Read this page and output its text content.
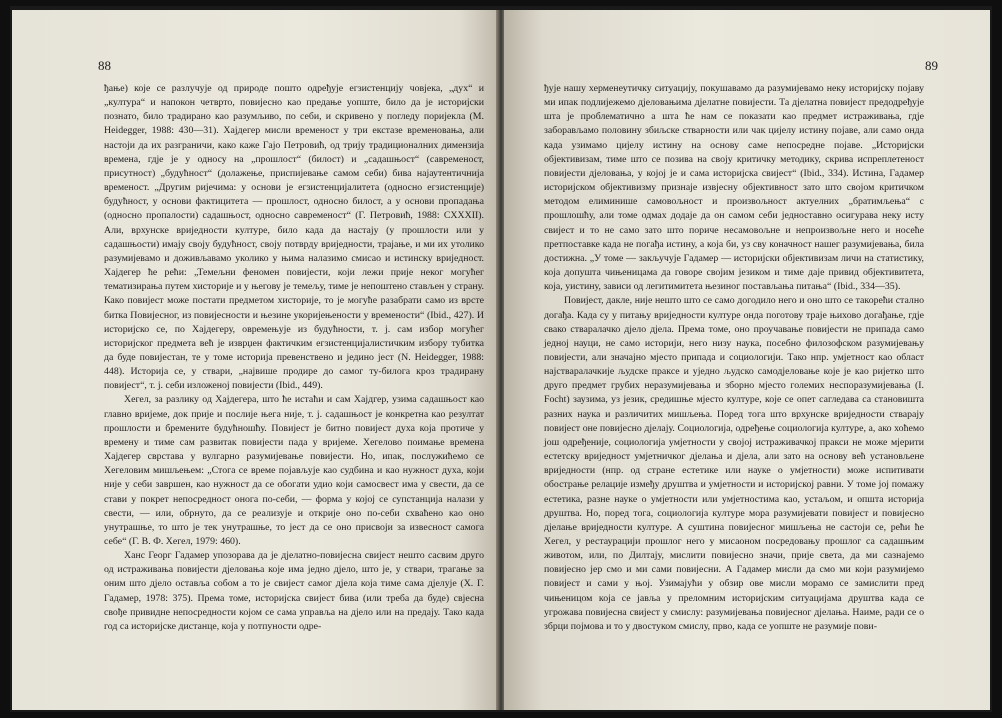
88

ђање) које се разлучује од природе пошто одређује егзистенцију човјека, „дух“ и „култура“ и напокон четврто, повијесно као предање уопште, било да је историјски познато, било традирано као разумљиво, по себи, и скривено у погледу поријекла (M. Heidegger, 1988: 430—31). Хајдегер мисли временост у три екстазе временовања, али настоји да их разграничи, како каже Гајо Петровић, од трију традиционалних димензија времена, гдје је у односу на „прошлост“ (билост) и „садашњост“ (савременост, присутност) „будућност“ (долажење, приспијевање самом себи) бива најаутентичнија временост. „Другим ријечима: у основи је егзистенцијалитета (односно егзистенције) будућност, у основи фактицитета — прошлост, односно билост, а у основи пропадања (односно пропалости) садашњост, односно савременост“ (Г. Петровић, 1988: CXXXII). Али, врхунске вриједности културе, било када да настају (у прошлости или у садашњости) имају своју будућност, своју потврду вриједности, трајање, и ми их утолико разумијевамо и доживљавамо уколико у њима налазимо смисао и истинску вриједност. Хајдегер ће рећи: „Темељни феномен повијести, који лежи прије неког могућег тематизирања путем хисторије и у његову је темељу, тиме је непоштено стављен у страну. Како повијест може постати предметом хисторије, то је могуће разабрати само из врсте битка Повијесног, из повијесности и њезине укоријењености у времености“ (Ibid., 427). И историјско се, по Хајдегеру, овремењује из будућности, т. ј. сам избор могућег историјског предмета већ је изврџен фактичким егзистенцијалистичким избору тубитка да буде повијестан, те у томе историја превенствено и једино јест (N. Heidegger, 1988: 448). Историја се, у ствари, „највише продире до самог ту-билога кроз традирану повијест“, т. ј. себи изложеној повијести (Ibid., 449).

Хегел, за разлику од Хајдегера, што ће истаћи и сам Хајдгер, узима садашњост као главно вријеме, док прије и послије њега није, т. ј. садашњост је конкретна као резултат прошлости и бремените будућношћу. Повијест је битно повијест духа која протиче у времену и тиме сам развитак повијести пада у вријеме. Хегелово поимање времена Хајдегер сврстава у вулгарно разумијевање повијести. Но, ипак, послужићемо се Хегеловим мишљењем: „Стога се време појављује као судбина и као нужност духа, који није у себи завршен, као нужност да се обогати удио који самосвест има у свести, да се стави у покрет непосредност онога по-себи, — форма у којој се супстанција налази у свести, — или, обрнуто, да се реализује и открије оно по-себи схваћено као оно унутрашње, то што је тек унутрашње, то јест да се оно присвоји за извесност самога себе“ (Г. В. Ф. Хегел, 1979: 460).

Ханс Георг Гадамер упозорава да је дјелатно-повијесна свијест нешто сасвим друго од истраживања повијести дјеловања које има једно дјело, што је, у ствари, трагање за оним што дјело оставља собом а то је свијест самог дјела која тиме сама дјелује (Х. Г. Гадамер, 1978: 375). Према томе, историјска свијест бива (или треба да буде) свјесна свође привидне непосредности којом се сама управља на дјело или на предају. Тако када год са историјске дистанце, која у потпуности одре-

89

ђује нашу херменеутичку ситуацију, покушавамо да разумијевамо неку историјску појаву ми ипак подлијежемо дјеловањима дјелатне повијести. Та дјелатна повијест предодређује шта је проблематично а шта ће нам се показати као предмет истраживања, гдје заборављамо половину збиљске стварности или чак цијелу истину појаве, али само онда када узимамо цијелу истину на основу саме непосредне појаве. „Историјски објективизам, тиме што се позива на своју критичку методику, скрива испреплетеност повијести дјеловања, у којој је и сама историјска свијест“ (Ibid., 334). Истина, Гадамер историјском објективизму признаје извјесну објективност зато што својом критичком методом елиминише самовољност и произвољност актуелних „братимљења“ с прошлошћу, али томе одмах додаје да он самом себи једноставно осигурава неку исту свијест и то не само зато што пориче несамовољне и непроизвољне него и носеће претпоставке када не погађа истину, а која би, уз сву коначност нашег разумијевања, била достижна. „У томе — закључује Гадамер — историјски објективизам личи на статистику, која допушта чињеницама да говоре својим језиком и тиме даје привид објективитета, која, уистину, зависи од легитимитета њезиног постављања питања“ (Ibid., 334—35).

Повијест, дакле, није нешто што се само догодило него и оно што се такорећи стално догађа. Када су у питању вриједности културе онда поготову траје њихово догађање, гдје свако стваралачко дјело дјела. Према томе, оно проучавање повијести не припада само једној науци, не само историји, него низу наука, посебно филозофском разумијевању повијести, али значајно мјесто припада и социологији. Тако нпр. умјетност као област најстваралачкије људске праксе и уједно људско самодјеловање које је као ријетко што друго предмет грубих неразумијевања и зборно мјесто големих неспоразумијевања (I. Focht) заузима, уз језик, средишње мјесто културе, које се опет сагледава са становишта разних наука и различитих мишљења. Поред тога што врхунске вриједности стварају повијест оне повијесно дјелају. Социологија, одређење социологија културе, а, ако хоћемо још одређеније, социологија умјетности у својој истраживачкој пракси не може мјерити естетску вриједност умјетничког дјелања и дјела, али зато на основу већ установљене вриједности (нпр. од стране естетике или науке о умјетности) може испитивати обострање релације између друштва и умјетности и историјској равни. У томе јој помажу естетика, разне науке о умјетности или умјетностима као, устаљом, и општа историја друштва. Но, поред тога, социологија културе мора разумијевати повијест и повијесно дјелање вриједности културе. А суштина повијесног мишљења не састоји се, рећи ће Хегел, у рестаурацији прошлог него у мисаоном посредовању прошлог са садашњим животом, или, по Дилтају, мислити повијесно значи, прије света, да ми сазнајемо повијесно јер смо и ми сами повијесни. А Гадамер мисли да смо ми који разумијемо повијест и сами у њој. Узимајући у обзир ове мисли морамо се замислити пред чињеницом која се јавља у прeломним историјским ситуацијама друштва када се угрожава повијесна свијест у смислу: разумијевања повијесног дјелања. Наиме, ради се о збрци појмова и то у двостуком смислу, прво, када се уопште не разумије пови-
